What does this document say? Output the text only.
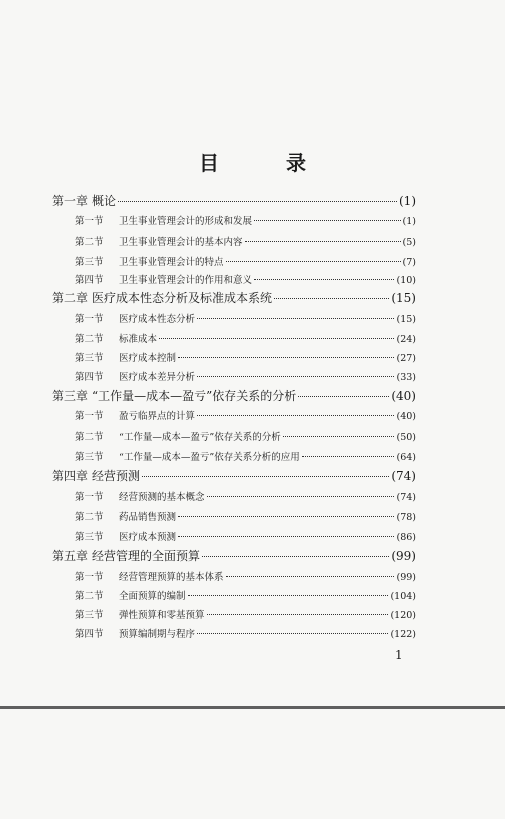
目 录
第一章 概论	(1)
第一节	卫生事业管理会计的形成和发展	(1)
第二节	卫生事业管理会计的基本内容	(5)
第三节	卫生事业管理会计的特点	(7)
第四节	卫生事业管理会计的作用和意义	(10)
第二章 医疗成本性态分析及标准成本系统	(15)
第一节	医疗成本性态分析	(15)
第二节	标准成本	(24)
第三节	医疗成本控制	(27)
第四节	医疗成本差异分析	(33)
第三章 “工作量—成本—盈亏”依存关系的分析	(40)
第一节	盈亏临界点的计算	(40)
第二节	“工作量—成本—盈亏”依存关系的分析	(50)
第三节	“工作量—成本—盈亏”依存关系分析的应用	(64)
第四章 经营预测	(74)
第一节	经营预测的基本概念	(74)
第二节	药品销售预测	(78)
第三节	医疗成本预测	(86)
第五章 经营管理的全面预算	(99)
第一节	经营管理预算的基本体系	(99)
第二节	全面预算的编制	(104)
第三节	弹性预算和零基预算	(120)
第四节	预算编制期与程序	(122)
1
